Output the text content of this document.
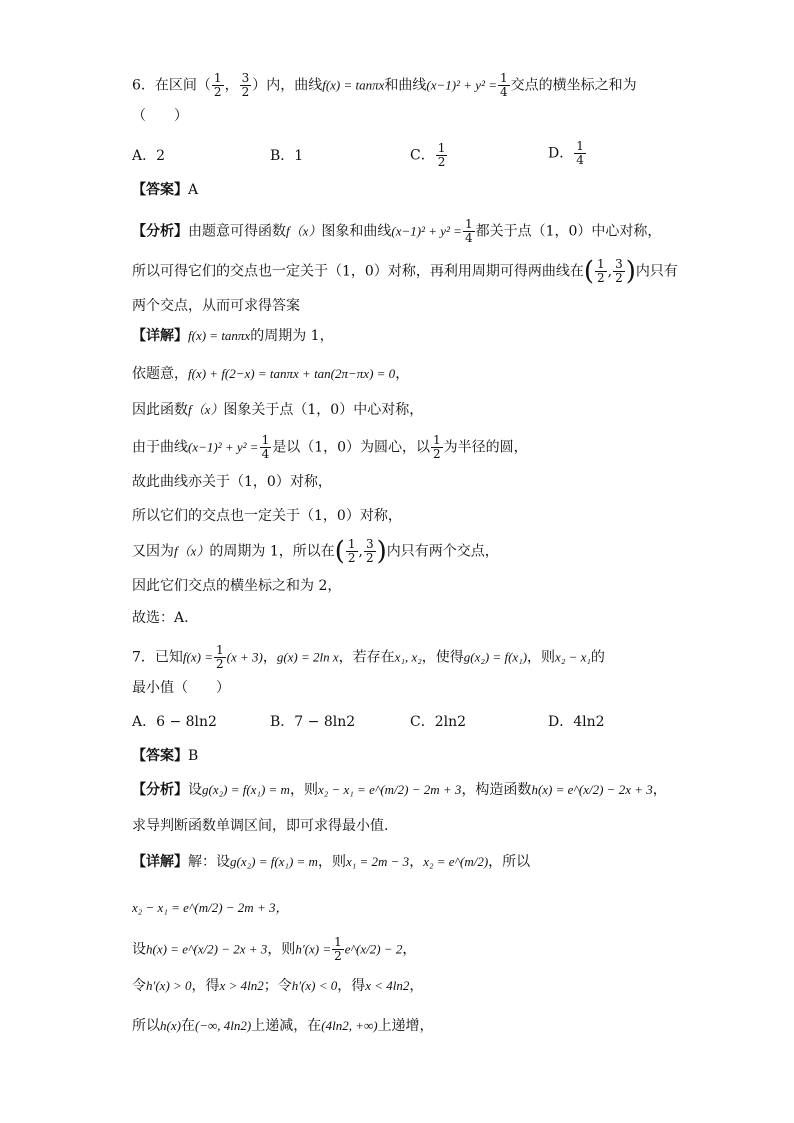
6．在区间（ $\frac{1}{2}$ ， $\frac{3}{2}$ ）内，曲线f(x) = tanπx和曲线$(x-1)^2 + y^2 = \frac{1}{4}$ 交点的横坐标之和为
（　　）
A．2	B．1	C． $\frac{1}{2}$	D． $\frac{1}{4}$
【答案】A
【分析】由题意可得函数f（x）图象和曲线$(x-1)^2 + y^2 = \frac{1}{4}$ 都关于点（1，0）中心对称，
所以可得它们的交点也一定关于（1，0）对称，再利用周期可得两曲线在( $\frac{1}{2}$ , $\frac{3}{2}$ )内只有
两个交点，从而可求得答案
【详解】f(x) = tanπx的周期为 1，
依题意，f(x) + f(2−x) = tanπx + tan(2π−πx) = 0，
因此函数f（x）图象关于点（1，0）中心对称，
由于曲线$(x-1)^2 + y^2 = \frac{1}{4}$ 是以（1，0）为圆心，以 $\frac{1}{2}$ 为半径的圆，
故此曲线亦关于（1，0）对称，
所以它们的交点也一定关于（1，0）对称，
又因为f（x）的周期为 1，所以在( $\frac{1}{2}$ , $\frac{3}{2}$ )内只有两个交点，
因此它们交点的横坐标之和为 2，
故选：A.
7．已知$f(x) = \frac{1}{2} (x + 3)$，g(x) = 2ln x，若存在x₁, x₂，使得g(x₂) = f(x₁)，则x₂ − x₁的
最小值（　　）
A．6 − 8ln2	B．7 − 8ln2	C．2ln2	D．4ln2
【答案】B
【分析】设g(x₂) = f(x₁) = m，则x₂ − x₁ = e^(m/2) − 2m + 3，构造函数h(x) = e^(x/2) − 2x + 3，
求导判断函数单调区间，即可求得最小值.
【详解】解：设g(x₂) = f(x₁) = m，则x₁ = 2m − 3，x₂ = e^(m/2)，所以
x₂ − x₁ = e^(m/2) − 2m + 3，
设h(x) = e^(x/2) − 2x + 3，则$h'(x) = \frac{1}{2}$ e^(x/2) − 2，
令h′(x) > 0，得x > 4ln2；令h′(x) < 0，得x < 4ln2，
所以h(x)在(−∞, 4ln2)上递减，在(4ln2, +∞)上递增，
